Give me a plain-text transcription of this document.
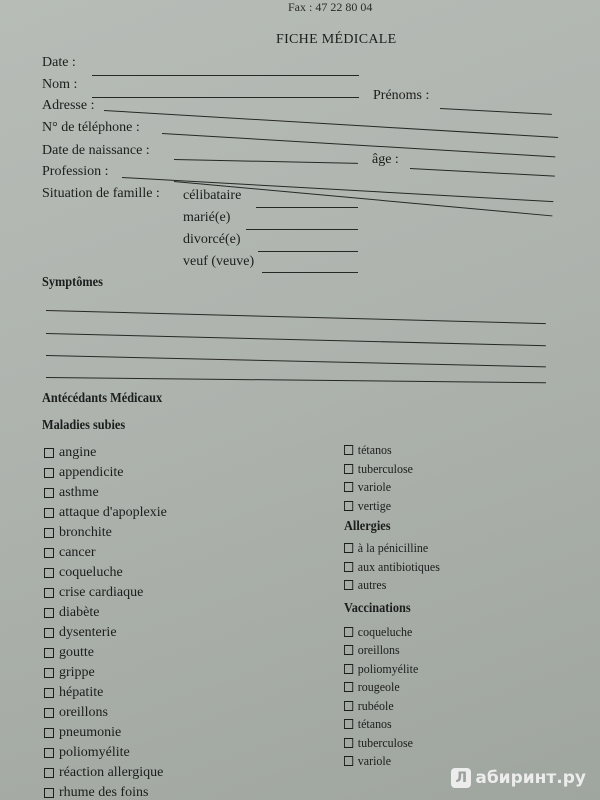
Fax : 47 22 80 04
FICHE MÉDICALE
Date :
Nom :
Prénoms :
Adresse :
N° de téléphone :
Date de naissance :
âge :
Profession :
Situation de famille : célibataire
marié(e)
divorcé(e)
veuf (veuve)
Symptômes
Antécédants Médicaux
Maladies subies
angine
appendicite
asthme
attaque d'apoplexie
bronchite
cancer
coqueluche
crise cardiaque
diabète
dysenterie
goutte
grippe
hépatite
oreillons
pneumonie
poliomyélite
réaction allergique
rhume des foins
tétanos
tuberculose
variole
vertige
Allergies
à la pénicilline
aux antibiotiques
autres
Vaccinations
coqueluche
oreillons
poliomyélite
rougeole
rubéole
tétanos
tuberculose
variole
Л абиринт.ру
